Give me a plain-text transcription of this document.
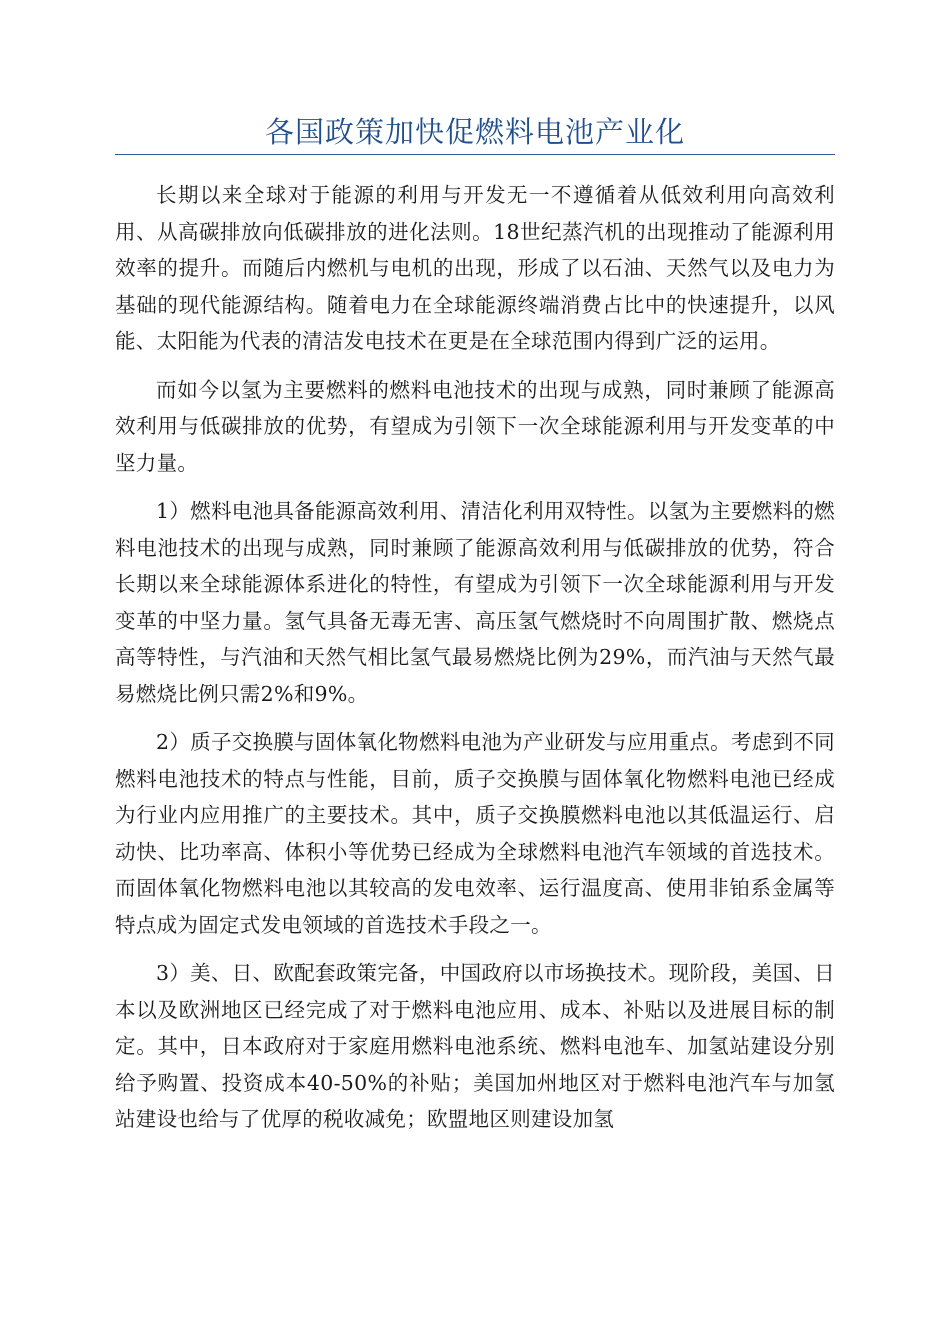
各国政策加快促燃料电池产业化

长期以来全球对于能源的利用与开发无一不遵循着从低效利用向高效利用、从高碳排放向低碳排放的进化法则。18世纪蒸汽机的出现推动了能源利用效率的提升。而随后内燃机与电机的出现，形成了以石油、天然气以及电力为基础的现代能源结构。随着电力在全球能源终端消费占比中的快速提升，以风能、太阳能为代表的清洁发电技术在更是在全球范围内得到广泛的运用。

而如今以氢为主要燃料的燃料电池技术的出现与成熟，同时兼顾了能源高效利用与低碳排放的优势，有望成为引领下一次全球能源利用与开发变革的中坚力量。

1）燃料电池具备能源高效利用、清洁化利用双特性。以氢为主要燃料的燃料电池技术的出现与成熟，同时兼顾了能源高效利用与低碳排放的优势，符合长期以来全球能源体系进化的特性，有望成为引领下一次全球能源利用与开发变革的中坚力量。氢气具备无毒无害、高压氢气燃烧时不向周围扩散、燃烧点高等特性，与汽油和天然气相比氢气最易燃烧比例为29%，而汽油与天然气最易燃烧比例只需2%和9%。

2）质子交换膜与固体氧化物燃料电池为产业研发与应用重点。考虑到不同燃料电池技术的特点与性能，目前，质子交换膜与固体氧化物燃料电池已经成为行业内应用推广的主要技术。其中，质子交换膜燃料电池以其低温运行、启动快、比功率高、体积小等优势已经成为全球燃料电池汽车领域的首选技术。而固体氧化物燃料电池以其较高的发电效率、运行温度高、使用非铂系金属等特点成为固定式发电领域的首选技术手段之一。

3）美、日、欧配套政策完备，中国政府以市场换技术。现阶段，美国、日本以及欧洲地区已经完成了对于燃料电池应用、成本、补贴以及进展目标的制定。其中，日本政府对于家庭用燃料电池系统、燃料电池车、加氢站建设分别给予购置、投资成本40-50%的补贴；美国加州地区对于燃料电池汽车与加氢站建设也给与了优厚的税收减免；欧盟地区则建设加氢
